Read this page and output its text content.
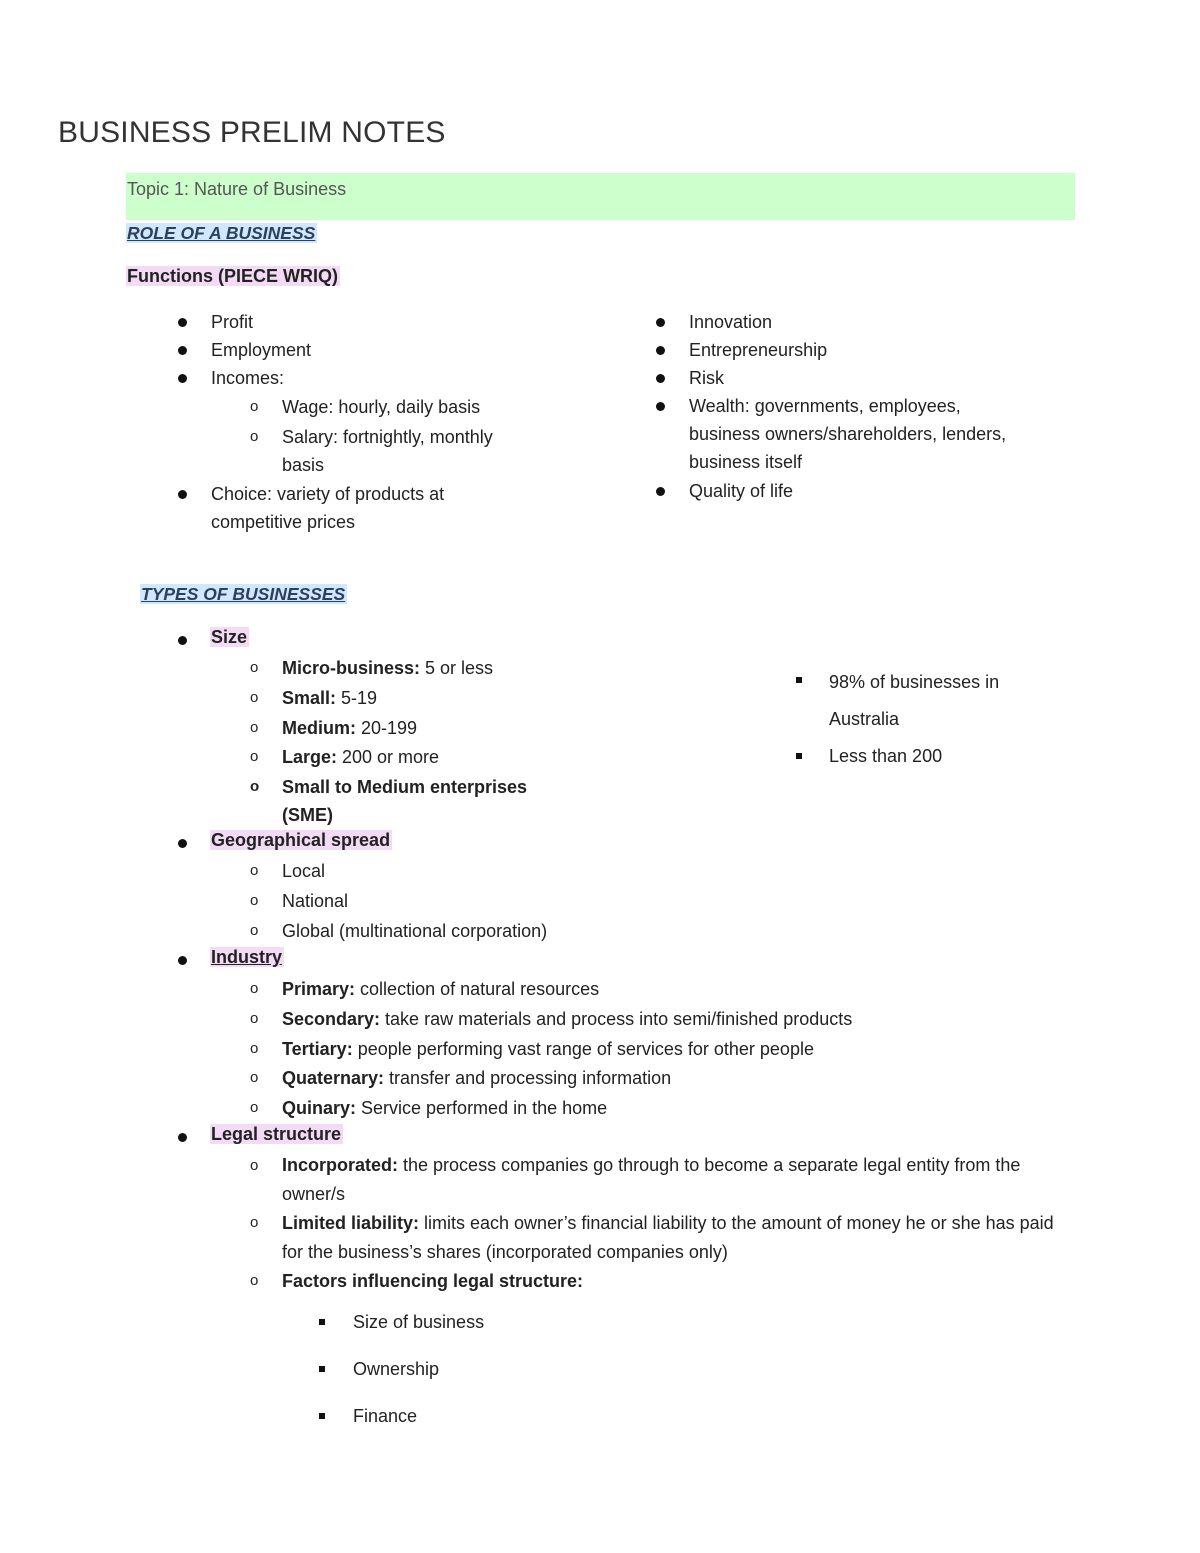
BUSINESS PRELIM NOTES
Topic 1: Nature of Business
ROLE OF A BUSINESS
Functions (PIECE WRIQ)
Profit
Employment
Incomes:
o Wage: hourly, daily basis
o Salary: fortnightly, monthly basis
Choice: variety of products at competitive prices
Innovation
Entrepreneurship
Risk
Wealth: governments, employees, business owners/shareholders, lenders, business itself
Quality of life
TYPES OF BUSINESSES
Size
o Micro-business: 5 or less
o Small: 5-19
o Medium: 20-199
o Large: 200 or more
o Small to Medium enterprises (SME)
98% of businesses in Australia
Less than 200
Geographical spread
o Local
o National
o Global (multinational corporation)
Industry
o Primary: collection of natural resources
o Secondary: take raw materials and process into semi/finished products
o Tertiary: people performing vast range of services for other people
o Quaternary: transfer and processing information
o Quinary: Service performed in the home
Legal structure
o Incorporated: the process companies go through to become a separate legal entity from the owner/s
o Limited liability: limits each owner’s financial liability to the amount of money he or she has paid for the business’s shares (incorporated companies only)
o Factors influencing legal structure:
Size of business
Ownership
Finance
